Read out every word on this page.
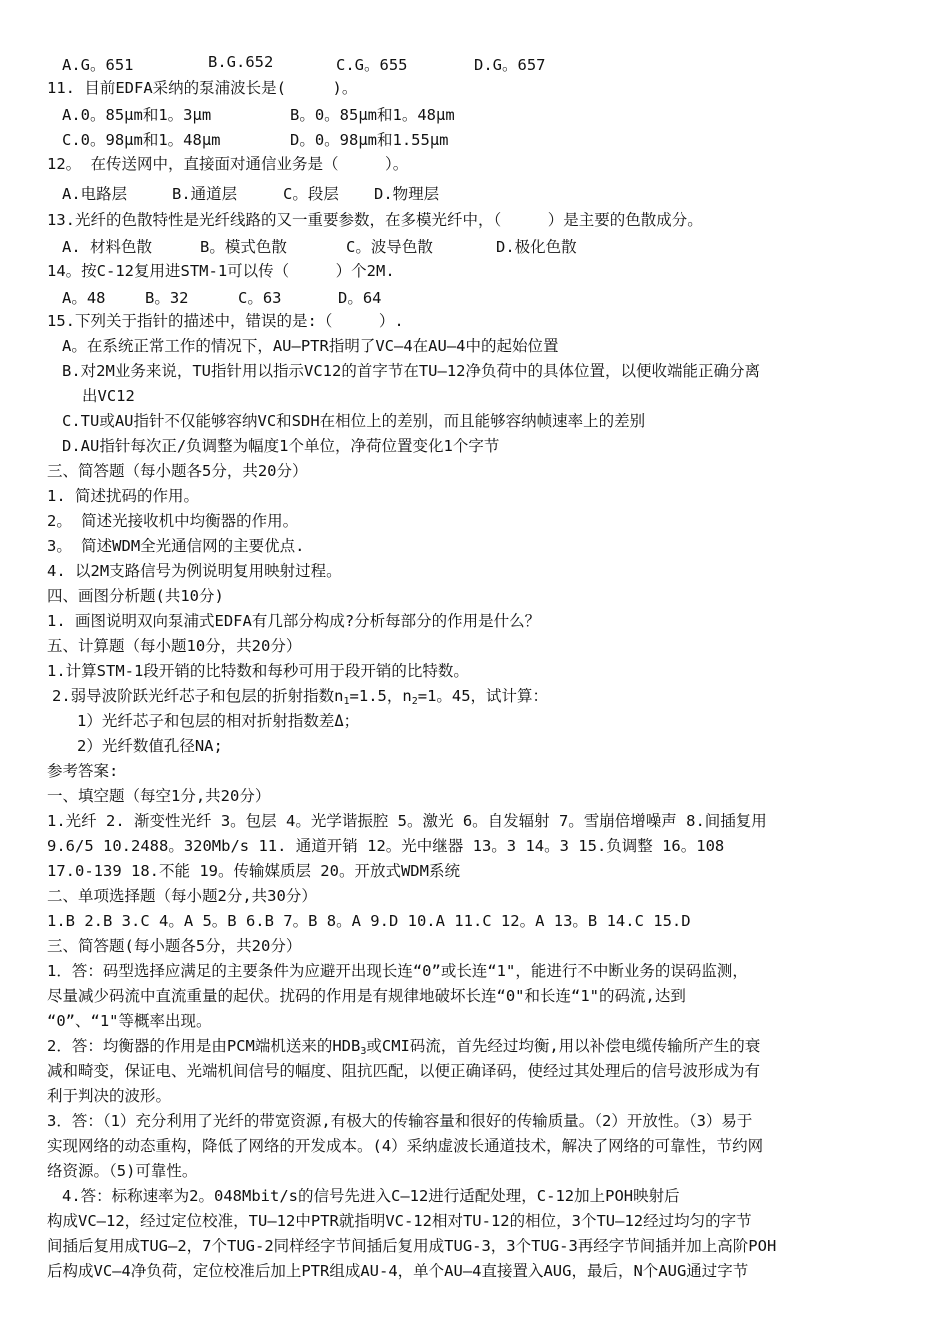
A.G。651	B.G.652	C.G。655	D.G。657
11. 目前EDFA采纳的泵浦波长是(　　　)。
A.0。85μm和1。3μm	B。0。85μm和1。48μm
C.0。98μm和1。48μm	D。0。98μm和1.55μm
12。 在传送网中，直接面对通信业务是（　　　）。
A.电路层	B.通道层	C。段层 D.物理层
13.光纤的色散特性是光纤线路的又一重要参数，在多模光纤中，（　　　）是主要的色散成分。
A. 材料色散	B。模式色散	C。波导色散	D.极化色散
14。按C-12复用进STM-1可以传（　　　）个2M.
A。48	B。32	C。63	D。64
15.下列关于指针的描述中，错误的是:（　　　）.
A。在系统正常工作的情况下，AU—PTR指明了VC—4在AU—4中的起始位置
B.对2M业务来说，TU指针用以指示VC12的首字节在TU—12净负荷中的具体位置，以便收端能正确分离
出VC12
C.TU或AU指针不仅能够容纳VC和SDH在相位上的差别，而且能够容纳帧速率上的差别
D.AU指针每次正/负调整为幅度1个单位，净荷位置变化1个字节
三、简答题（每小题各5分，共20分）
1. 简述扰码的作用。
2。 简述光接收机中均衡器的作用。
3。 简述WDM全光通信网的主要优点.
4. 以2M支路信号为例说明复用映射过程。
四、画图分析题(共10分)
1. 画图说明双向泵浦式EDFA有几部分构成?分析每部分的作用是什么？
五、计算题（每小题10分，共20分）
1.计算STM-1段开销的比特数和每秒可用于段开销的比特数。
2.弱导波阶跃光纤芯子和包层的折射指数$n_1=1.5$，$n_2=1$。45，试计算：
1）光纤芯子和包层的相对折射指数差Δ；
2）光纤数值孔径NA;
参考答案:
一、填空题（每空1分,共20分）
1.光纤 2. 渐变性光纤 3。包层 4。光学谐振腔 5。激光 6。自发辐射 7。雪崩倍增噪声 8.间插复用
9.6/5 10.2488。320Mb/s 11. 通道开销 12。光中继器 13。3 14。3 15.负调整 16。108
17.0-139 18.不能 19。传输媒质层 20。开放式WDM系统
二、单项选择题（每小题2分,共30分）
1.B 2.B 3.C 4。A 5。B 6.B 7。B 8。A 9.D 10.A 11.C 12。A 13。B 14.C 15.D
三、简答题(每小题各5分，共20分）
1．答：码型选择应满足的主要条件为应避开出现长连“0”或长连“1"，能进行不中断业务的误码监测，
尽量减少码流中直流重量的起伏。扰码的作用是有规律地破坏长连“0"和长连“1"的码流,达到
“0”、“1"等概率出现。
2．答：均衡器的作用是由PCM端机送来的$HDB_3$或CMI码流，首先经过均衡,用以补偿电缆传输所产生的衰
减和畸变，保证电、光端机间信号的幅度、阻抗匹配，以便正确译码，使经过其处理后的信号波形成为有
利于判决的波形。
3．答：（1）充分利用了光纤的带宽资源,有极大的传输容量和很好的传输质量。（2）开放性。（3）易于
实现网络的动态重构，降低了网络的开发成本。(4）采纳虚波长通道技术，解决了网络的可靠性，节约网
络资源。（5)可靠性。
4.答：标称速率为2。048Mbit/s的信号先进入C—12进行适配处理，C-12加上POH映射后
构成VC—12，经过定位校准，TU—12中PTR就指明VC-12相对TU-12的相位，3个TU—12经过均匀的字节
间插后复用成TUG—2，7个TUG-2同样经字节间插后复用成TUG-3，3个TUG-3再经字节间插并加上高阶POH
后构成VC—4净负荷，定位校准后加上PTR组成AU-4，单个AU—4直接置入AUG，最后，N个AUG通过字节
